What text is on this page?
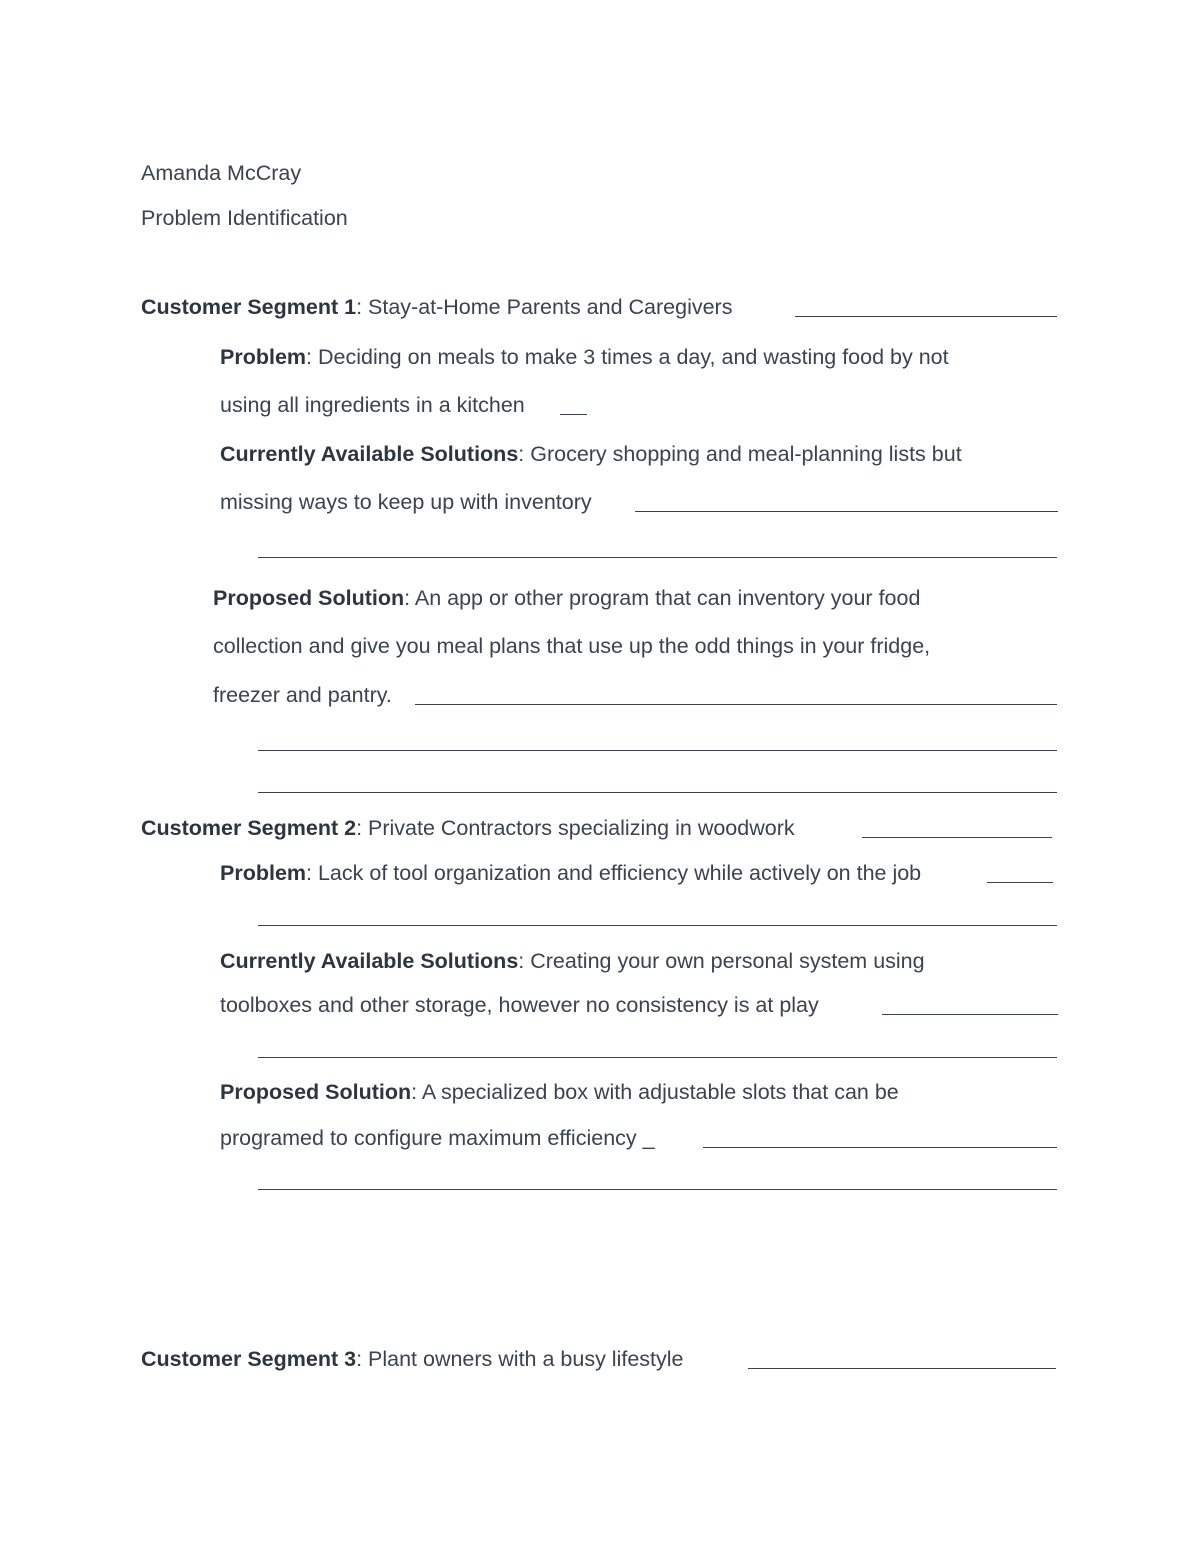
Amanda McCray
Problem Identification
Customer Segment 1: Stay-at-Home Parents and Caregivers
Problem: Deciding on meals to make 3 times a day, and wasting food by not
using all ingredients in a kitchen
Currently Available Solutions: Grocery shopping and meal-planning lists but
missing ways to keep up with inventory
Proposed Solution: An app or other program that can inventory your food
collection and give you meal plans that use up the odd things in your fridge,
freezer and pantry.
Customer Segment 2: Private Contractors specializing in woodwork
Problem: Lack of tool organization and efficiency while actively on the job
Currently Available Solutions: Creating your own personal system using
toolboxes and other storage, however no consistency is at play
Proposed Solution: A specialized box with adjustable slots that can be
programed to configure maximum efficiency _
Customer Segment 3: Plant owners with a busy lifestyle
